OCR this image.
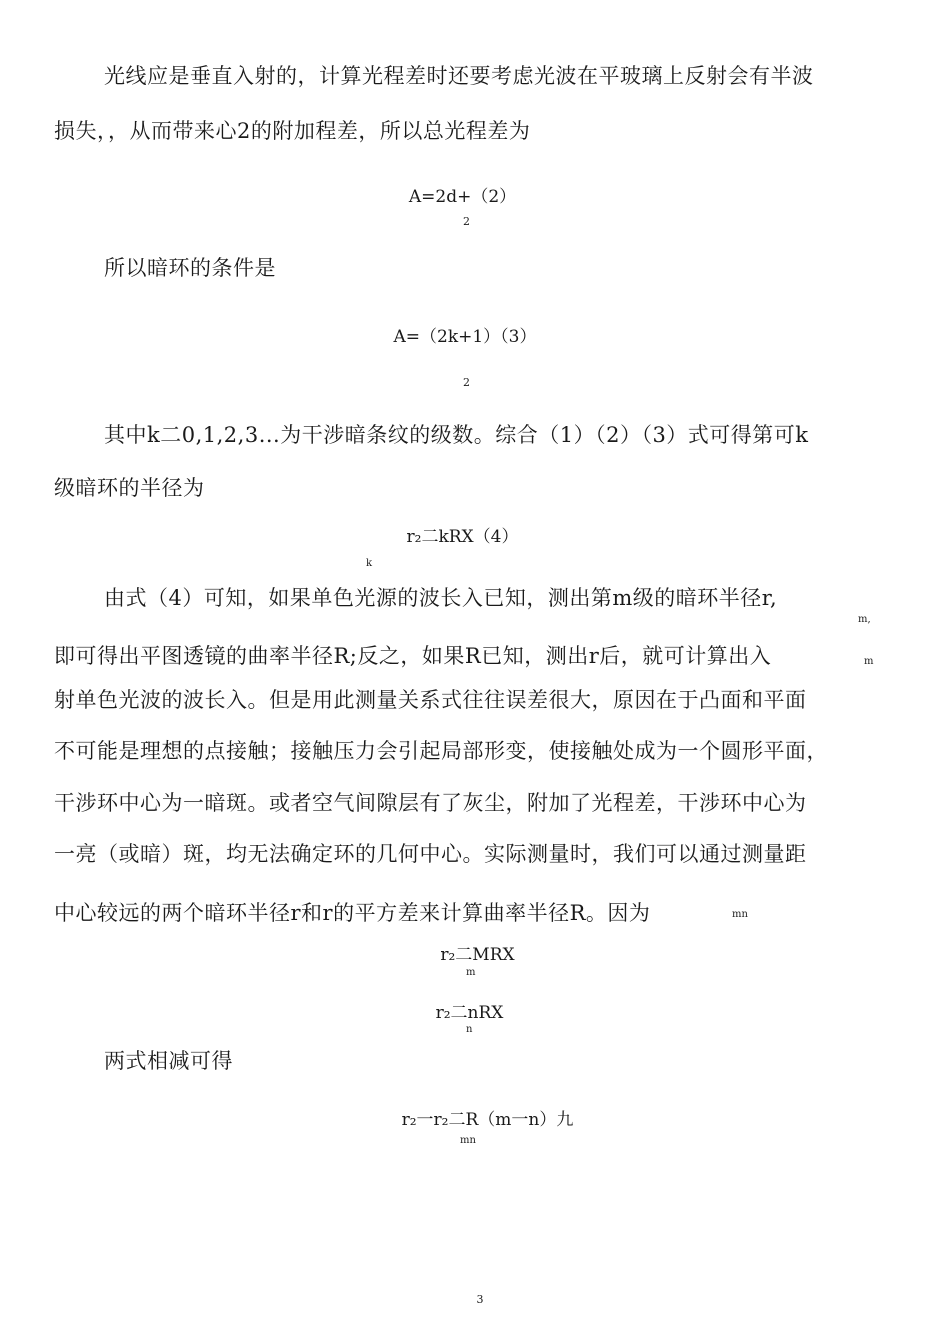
光线应是垂直入射的，计算光程差时还要考虑光波在平玻璃上反射会有半波
损失，，从而带来心2的附加程差，所以总光程差为
A=2d+（2）
2
所以暗环的条件是
A=（2k+1）（3）
2
其中k二0,1,2,3...为干涉暗条纹的级数。综合（1）（2）（3）式可得第可k
级暗环的半径为
r₂二kRX（4）
k
由式（4）可知，如果单色光源的波长入已知，测出第m级的暗环半径r,
m,
即可得出平图透镜的曲率半径R;反之，如果R已知，测出r后，就可计算出入	m
射单色光波的波长入。但是用此测量关系式往往误差很大，原因在于凸面和平面
不可能是理想的点接触；接触压力会引起局部形变，使接触处成为一个圆形平面，
干涉环中心为一暗斑。或者空气间隙层有了灰尘，附加了光程差，干涉环中心为
一亮（或暗）斑，均无法确定环的几何中心。实际测量时，我们可以通过测量距
中心较远的两个暗环半径r和r的平方差来计算曲率半径R。因为	mn
r₂二MRX
m
r₂二nRX
n
两式相减可得
r₂一r₂二R（m一n）九
mn
3
